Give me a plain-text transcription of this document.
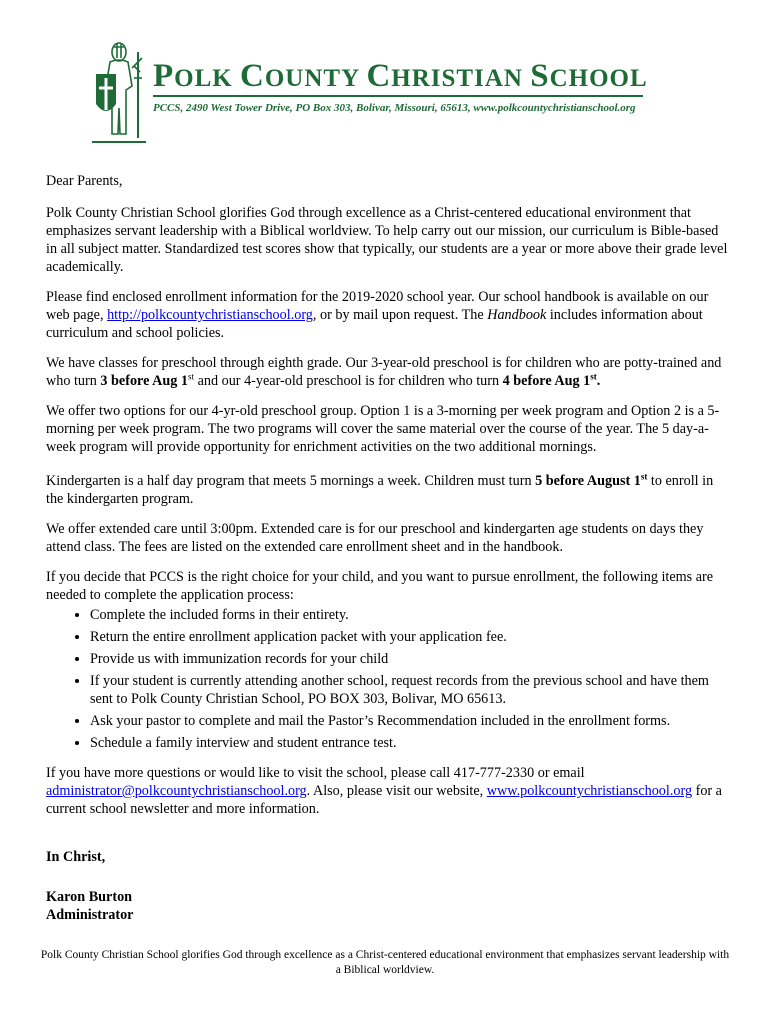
POLK COUNTY CHRISTIAN SCHOOL
PCCS, 2490 West Tower Drive, PO Box 303, Bolivar, Missouri, 65613, www.polkcountychristianschool.org

Dear Parents,

Polk County Christian School glorifies God through excellence as a Christ-centered educational environment that emphasizes servant leadership with a Biblical worldview. To help carry out our mission, our curriculum is Bible-based in all subject matter. Standardized test scores show that typically, our students are a year or more above their grade level academically.

Please find enclosed enrollment information for the 2019-2020 school year. Our school handbook is available on our web page, http://polkcountychristianschool.org, or by mail upon request. The Handbook includes information about curriculum and school policies.

We have classes for preschool through eighth grade. Our 3-year-old preschool is for children who are potty-trained and who turn 3 before Aug 1st and our 4-year-old preschool is for children who turn 4 before Aug 1st.

We offer two options for our 4-yr-old preschool group. Option 1 is a 3-morning per week program and Option 2 is a 5-morning per week program. The two programs will cover the same material over the course of the year. The 5 day-a-week program will provide opportunity for enrichment activities on the two additional mornings.

Kindergarten is a half day program that meets 5 mornings a week. Children must turn 5 before August 1st to enroll in the kindergarten program.

We offer extended care until 3:00pm. Extended care is for our preschool and kindergarten age students on days they attend class. The fees are listed on the extended care enrollment sheet and in the handbook.

If you decide that PCCS is the right choice for your child, and you want to pursue enrollment, the following items are needed to complete the application process:

• Complete the included forms in their entirety.
• Return the entire enrollment application packet with your application fee.
• Provide us with immunization records for your child
• If your student is currently attending another school, request records from the previous school and have them sent to Polk County Christian School, PO BOX 303, Bolivar, MO 65613.
• Ask your pastor to complete and mail the Pastor’s Recommendation included in the enrollment forms.
• Schedule a family interview and student entrance test.

If you have more questions or would like to visit the school, please call 417-777-2330 or email administrator@polkcountychristianschool.org. Also, please visit our website, www.polkcountychristianschool.org for a current school newsletter and more information.

In Christ,

Karon Burton

Administrator

Polk County Christian School glorifies God through excellence as a Christ-centered educational environment that emphasizes servant leadership with a Biblical worldview.
